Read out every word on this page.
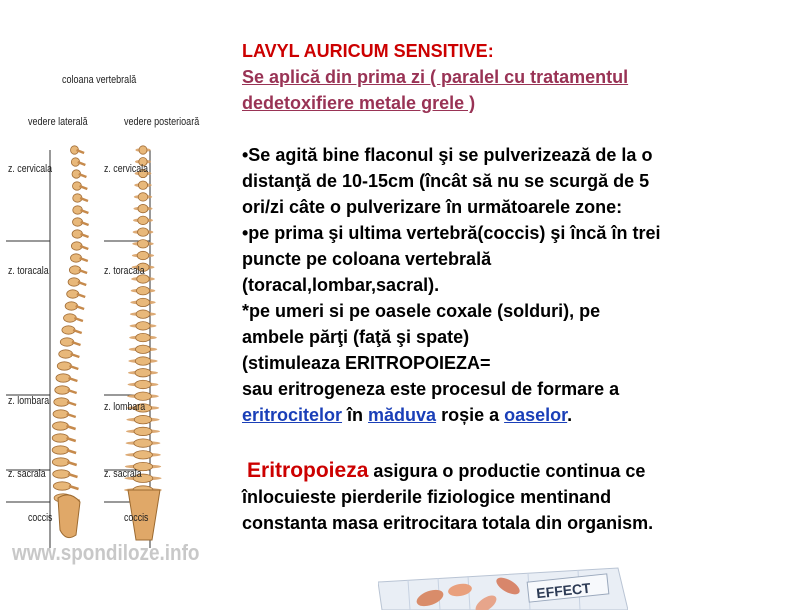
coloana vertebrală
vedere laterală	vedere posterioară
z. cervicala
z. toracala
z. lombara
z. sacrala
coccis
z. cervicala
z. toracala
z. lombara
z. sacrala
coccis
www.spondiloze.info

LAVYL AURICUM SENSITIVE:

Se aplică din prima zi ( paralel cu tratamentul

dedetoxifiere metale grele )

•Se agită bine flaconul şi se pulverizează de la o

distanţă de 10-15cm (încât să nu se scurgă de 5

ori/zi câte o pulverizare în următoarele zone:

•pe prima şi ultima vertebră(coccis) şi încă în trei

puncte pe coloana vertebrală

(toracal,lombar,sacral).

*pe umeri si pe oasele coxale (solduri), pe

ambele părţi (faţă şi spate)

(stimuleaza ERITROPOIEZA=

sau eritrogeneza este procesul de formare a

eritrocitelor în măduva roșie a oaselor.

Eritropoieza asigura o productie continua ce

înlocuieste pierderile fiziologice mentinand

constanta masa eritrocitara totala din organism.

EFFECT
